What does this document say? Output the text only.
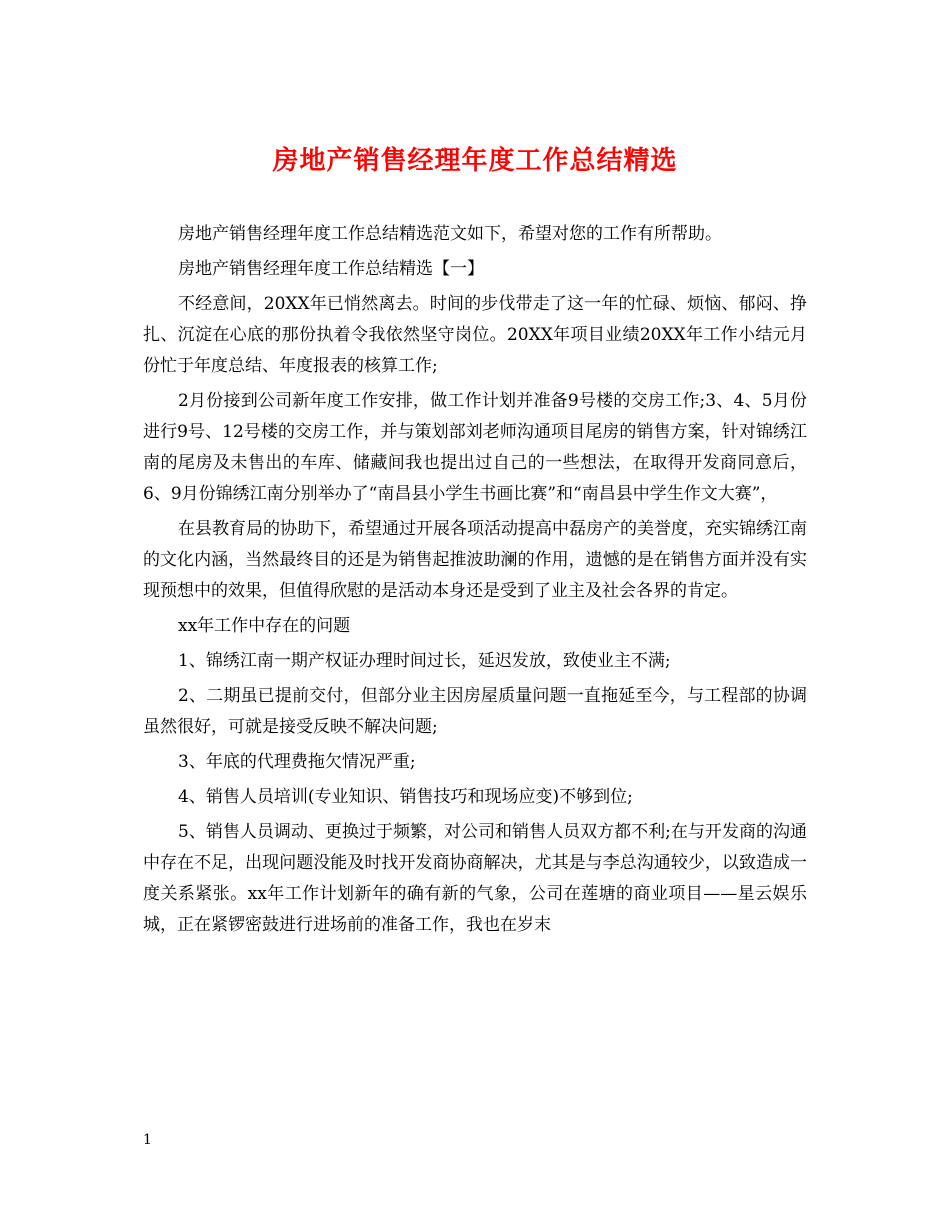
房地产销售经理年度工作总结精选

房地产销售经理年度工作总结精选范文如下，希望对您的工作有所帮助。

房地产销售经理年度工作总结精选【一】

不经意间，20XX年已悄然离去。时间的步伐带走了这一年的忙碌、烦恼、郁闷、挣扎、沉淀在心底的那份执着令我依然坚守岗位。20XX年项目业绩20XX年工作小结元月份忙于年度总结、年度报表的核算工作;

2月份接到公司新年度工作安排，做工作计划并准备9号楼的交房工作;3、4、5月份进行9号、12号楼的交房工作，并与策划部刘老师沟通项目尾房的销售方案，针对锦绣江南的尾房及未售出的车库、储藏间我也提出过自己的一些想法，在取得开发商同意后，6、9月份锦绣江南分别举办了“南昌县小学生书画比赛”和“南昌县中学生作文大赛”，

在县教育局的协助下，希望通过开展各项活动提高中磊房产的美誉度，充实锦绣江南的文化内涵，当然最终目的还是为销售起推波助澜的作用，遗憾的是在销售方面并没有实现预想中的效果，但值得欣慰的是活动本身还是受到了业主及社会各界的肯定。

xx年工作中存在的问题

1、锦绣江南一期产权证办理时间过长，延迟发放，致使业主不满;

2、二期虽已提前交付，但部分业主因房屋质量问题一直拖延至今，与工程部的协调虽然很好，可就是接受反映不解决问题;

3、年底的代理费拖欠情况严重;

4、销售人员培训(专业知识、销售技巧和现场应变)不够到位;

5、销售人员调动、更换过于频繁，对公司和销售人员双方都不利;在与开发商的沟通中存在不足，出现问题没能及时找开发商协商解决，尤其是与李总沟通较少，以致造成一度关系紧张。xx年工作计划新年的确有新的气象，公司在莲塘的商业项目——星云娱乐城，正在紧锣密鼓进行进场前的准备工作，我也在岁末

1
